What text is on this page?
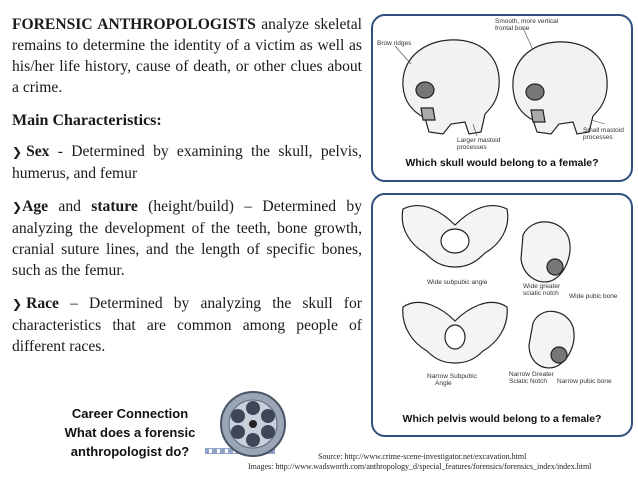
FORENSIC ANTHROPOLOGISTS analyze skeletal remains to determine the identity of a victim as well as his/her life history, cause of death, or other clues about a crime.

Main Characteristics:

❯ Sex - Determined by examining the skull, pelvis, humerus, and femur

❯Age and stature (height/build) – Determined by analyzing the development of the teeth, bone growth, cranial suture lines, and the length of specific bones, such as the femur.

❯ Race – Determined by analyzing the skull for characteristics that are common among people of different races.

Brow ridges
Smooth, more vertical
frontal bone
Larger mastoid
processes
Small mastoid
processes
Which skull would belong to a female?
Wide subpubic angle
Wide greater
sciatic notch Wide pubic bone
Narrow Subpubic
Angle
Narrow Greater
Sciatic Notch Narrow pubic bone
Which pelvis would belong to a female?
Career Connection
What does a forensic
anthropologist do?	Source: http://www.crime-scene-investigator.net/excavation.html
Images: http://www.wadsworth.com/anthropology_d/special_features/forensics/forensics_index/index.html
